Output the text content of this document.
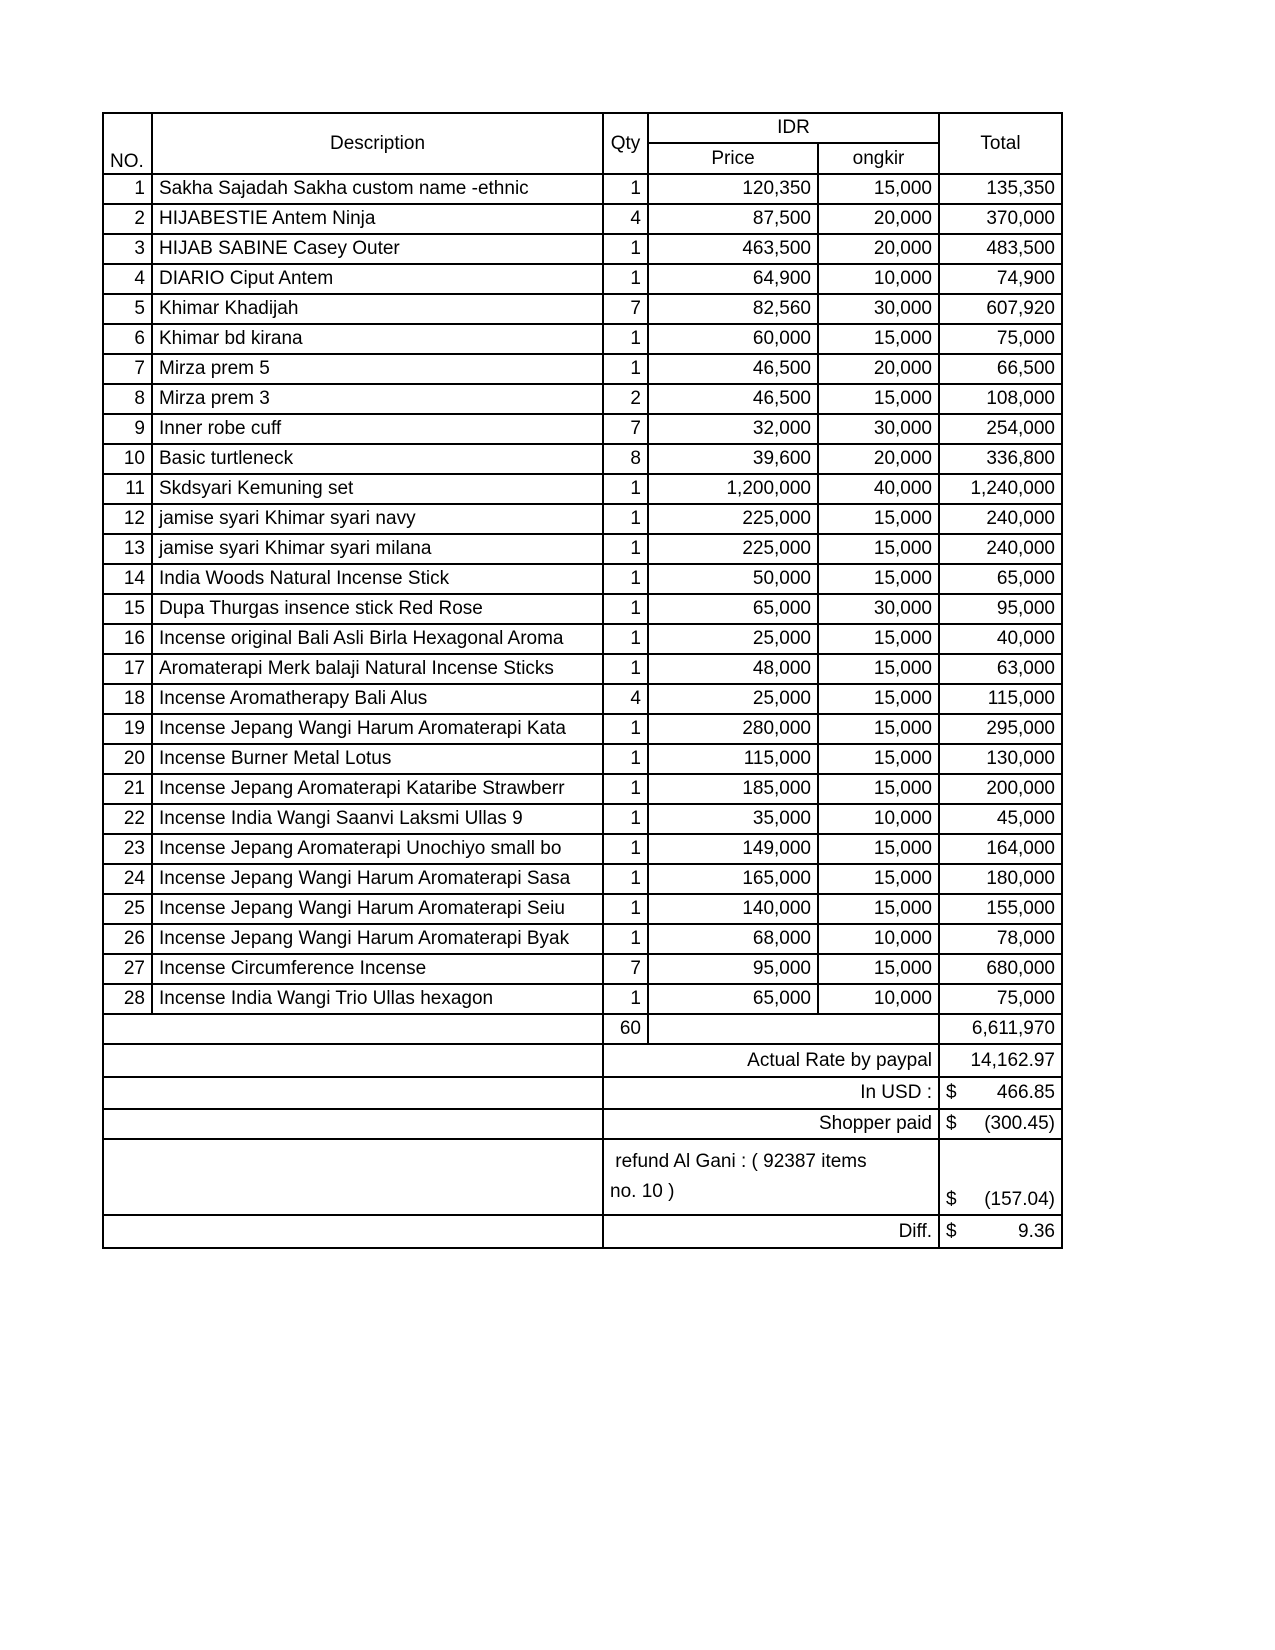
NO.	Description	Qty	IDR		Total
			Price	ongkir	
1	Sakha Sajadah Sakha custom name -ethnic	1	120,350	15,000	135,350
2	HIJABESTIE Antem Ninja	4	87,500	20,000	370,000
3	HIJAB SABINE Casey Outer	1	463,500	20,000	483,500
4	DIARIO Ciput Antem	1	64,900	10,000	74,900
5	Khimar Khadijah	7	82,560	30,000	607,920
6	Khimar bd kirana	1	60,000	15,000	75,000
7	Mirza prem 5	1	46,500	20,000	66,500
8	Mirza prem 3	2	46,500	15,000	108,000
9	Inner robe cuff	7	32,000	30,000	254,000
10	Basic turtleneck	8	39,600	20,000	336,800
11	Skdsyari Kemuning set	1	1,200,000	40,000	1,240,000
12	jamise syari Khimar syari navy	1	225,000	15,000	240,000
13	jamise syari Khimar syari milana	1	225,000	15,000	240,000
14	India Woods Natural Incense Stick	1	50,000	15,000	65,000
15	Dupa Thurgas insence stick Red Rose	1	65,000	30,000	95,000
16	Incense original Bali Asli Birla Hexagonal Aroma	1	25,000	15,000	40,000
17	Aromaterapi Merk balaji Natural Incense Sticks	1	48,000	15,000	63,000
18	Incense Aromatherapy Bali Alus	4	25,000	15,000	115,000
19	Incense Jepang Wangi Harum Aromaterapi Kata	1	280,000	15,000	295,000
20	Incense Burner Metal Lotus	1	115,000	15,000	130,000
21	Incense Jepang Aromaterapi Kataribe Strawberr	1	185,000	15,000	200,000
22	Incense India Wangi Saanvi Laksmi Ullas 9	1	35,000	10,000	45,000
23	Incense Jepang Aromaterapi Unochiyo small bo	1	149,000	15,000	164,000
24	Incense Jepang Wangi Harum Aromaterapi Sasa	1	165,000	15,000	180,000
25	Incense Jepang Wangi Harum Aromaterapi Seiu	1	140,000	15,000	155,000
26	Incense Jepang Wangi Harum Aromaterapi Byak	1	68,000	10,000	78,000
27	Incense Circumference Incense	7	95,000	15,000	680,000
28	Incense India Wangi Trio Ullas hexagon	1	65,000	10,000	75,000
		60			6,611,970
		Actual Rate by paypal			14,162.97
		In USD :			$ 466.85

		Shopper paid			$ (300.45)

refund Al Gani : ( 92387 items
no. 10 )	$ (157.04)

		Diff.			$ 9.36
